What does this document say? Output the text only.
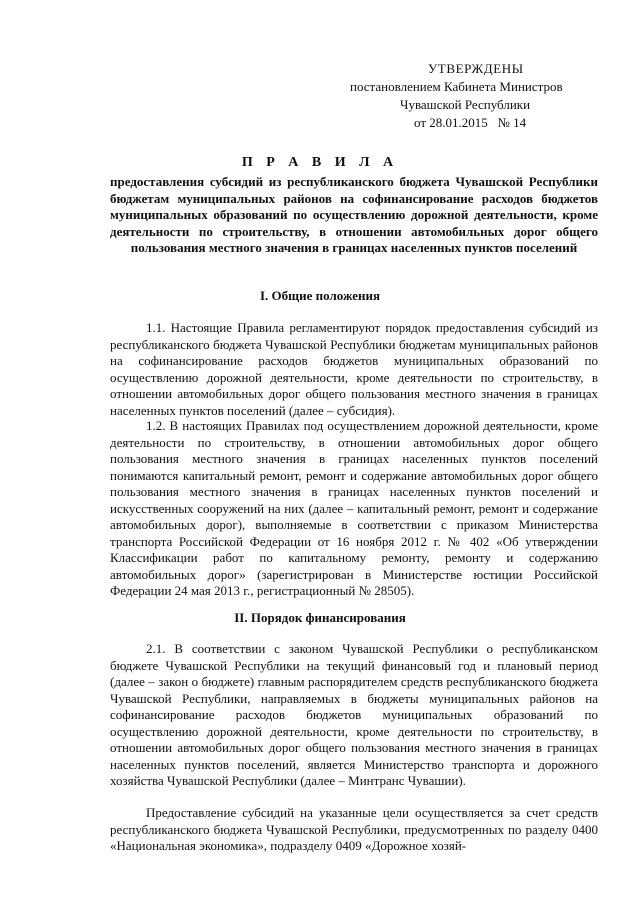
УТВЕРЖДЕНЫ
постановлением Кабинета Министров
Чувашской Республики
от 28.01.2015   № 14
П Р А В И Л А
предоставления субсидий из республиканского бюджета Чувашской Республики бюджетам муниципальных районов на софинансирование расходов бюджетов муниципальных образований по осуществлению дорожной деятельности, кроме деятельности по строительству, в отношении автомобильных дорог общего пользования местного значения в границах населенных пунктов поселений
I. Общие положения
1.1. Настоящие Правила регламентируют порядок предоставления субсидий из республиканского бюджета Чувашской Республики бюджетам муниципальных районов на софинансирование расходов бюджетов муниципальных образований по осуществлению дорожной деятельности, кроме деятельности по строительству, в отношении автомобильных дорог общего пользования местного значения в границах населенных пунктов поселений (далее – субсидия).
1.2. В настоящих Правилах под осуществлением дорожной деятельности, кроме деятельности по строительству, в отношении автомобильных дорог общего пользования местного значения в границах населенных пунктов поселений понимаются капитальный ремонт, ремонт и содержание автомобильных дорог общего пользования местного значения в границах населенных пунктов поселений и искусственных сооружений на них (далее – капитальный ремонт, ремонт и содержание автомобильных дорог), выполняемые в соответствии с приказом Министерства транспорта Российской Федерации от 16 ноября 2012 г. № 402 «Об утверждении Классификации работ по капитальному ремонту, ремонту и содержанию автомобильных дорог» (зарегистрирован в Министерстве юстиции Российской Федерации 24 мая 2013 г., регистрационный № 28505).
II. Порядок финансирования
2.1. В соответствии с законом Чувашской Республики о республиканском бюджете Чувашской Республики на текущий финансовый год и плановый период (далее – закон о бюджете) главным распорядителем средств республиканского бюджета Чувашской Республики, направляемых в бюджеты муниципальных районов на софинансирование расходов бюджетов муниципальных образований по осуществлению дорожной деятельности, кроме деятельности по строительству, в отношении автомобильных дорог общего пользования местного значения в границах населенных пунктов поселений, является Министерство транспорта и дорожного хозяйства Чувашской Республики (далее – Минтранс Чувашии).
Предоставление субсидий на указанные цели осуществляется за счет средств республиканского бюджета Чувашской Республики, предусмотренных по разделу 0400 «Национальная экономика», подразделу 0409 «Дорожное хозяй-
